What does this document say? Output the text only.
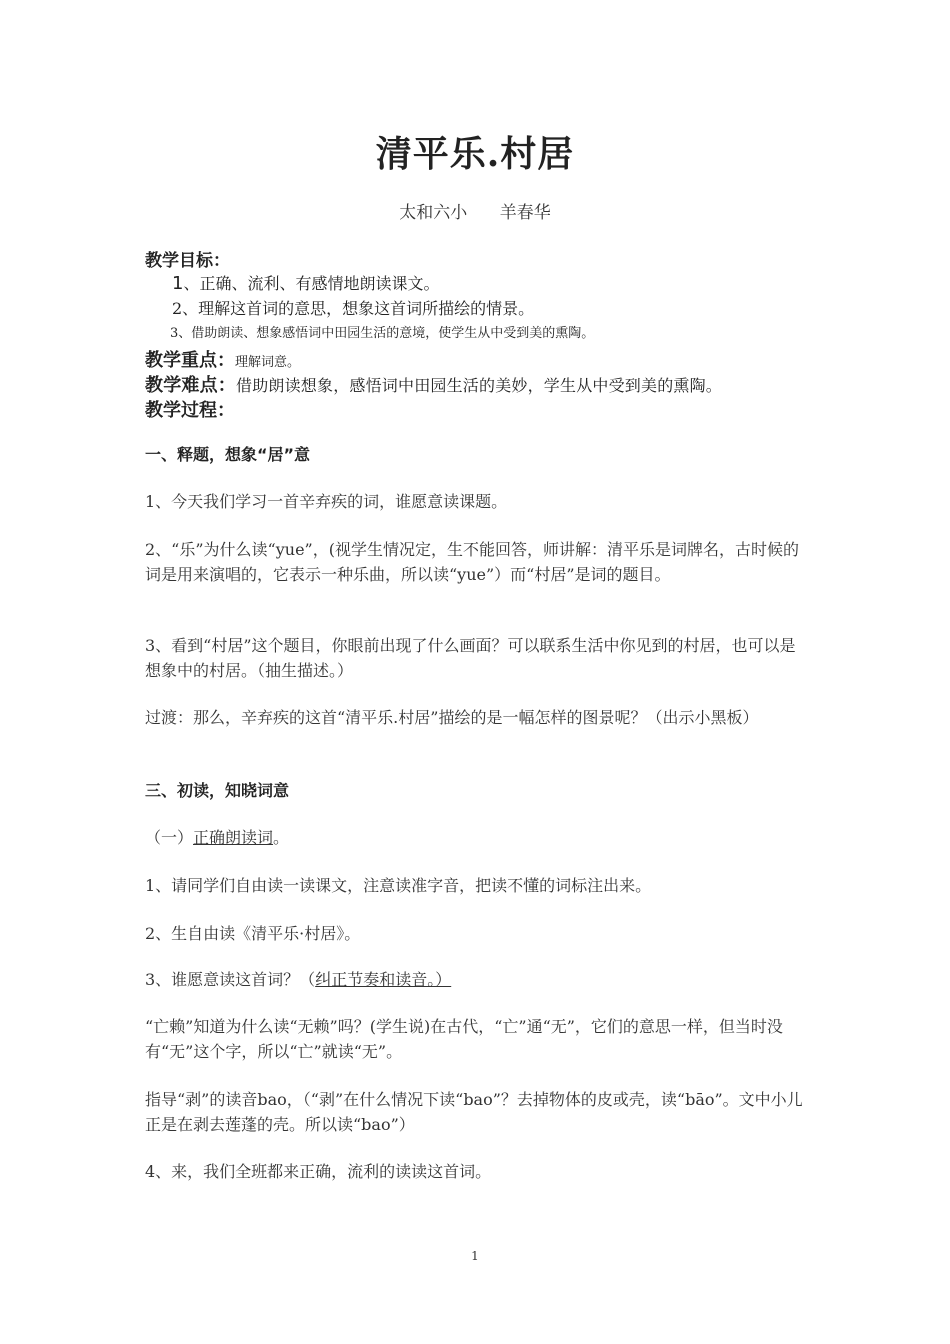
清平乐.村居
太和六小      羊春华
教学目标：
1、正确、流利、有感情地朗读课文。
2、理解这首词的意思，想象这首词所描绘的情景。
3、借助朗读、想象感悟词中田园生活的意境，使学生从中受到美的熏陶。
教学重点：理解词意。
教学难点：借助朗读想象，感悟词中田园生活的美妙，学生从中受到美的熏陶。
教学过程：
一、释题，想象“居”意
1、今天我们学习一首辛弃疾的词，谁愿意读课题。
2、“乐”为什么读“yue”，(视学生情况定，生不能回答，师讲解：清平乐是词牌名，古时候的词是用来演唱的，它表示一种乐曲，所以读“yue”）而“村居”是词的题目。
3、看到“村居”这个题目，你眼前出现了什么画面？可以联系生活中你见到的村居，也可以是想象中的村居。（抽生描述。）
过渡：那么，辛弃疾的这首“清平乐.村居”描绘的是一幅怎样的图景呢？（出示小黑板）
三、初读，知晓词意
（一）正确朗读词。
1、请同学们自由读一读课文，注意读准字音，把读不懂的词标注出来。
2、生自由读《清平乐·村居》。
3、谁愿意读这首词？（纠正节奏和读音。）
“亡赖”知道为什么读“无赖”吗？(学生说)在古代，“亡”通“无”，它们的意思一样，但当时没有“无”这个字，所以“亡”就读“无”。
指导“剥”的读音bao，（“剥”在什么情况下读“bao”？去掉物体的皮或壳，读“bāo”。文中小儿正是在剥去莲蓬的壳。所以读“bao”）
4、来，我们全班都来正确，流利的读读这首词。
1
